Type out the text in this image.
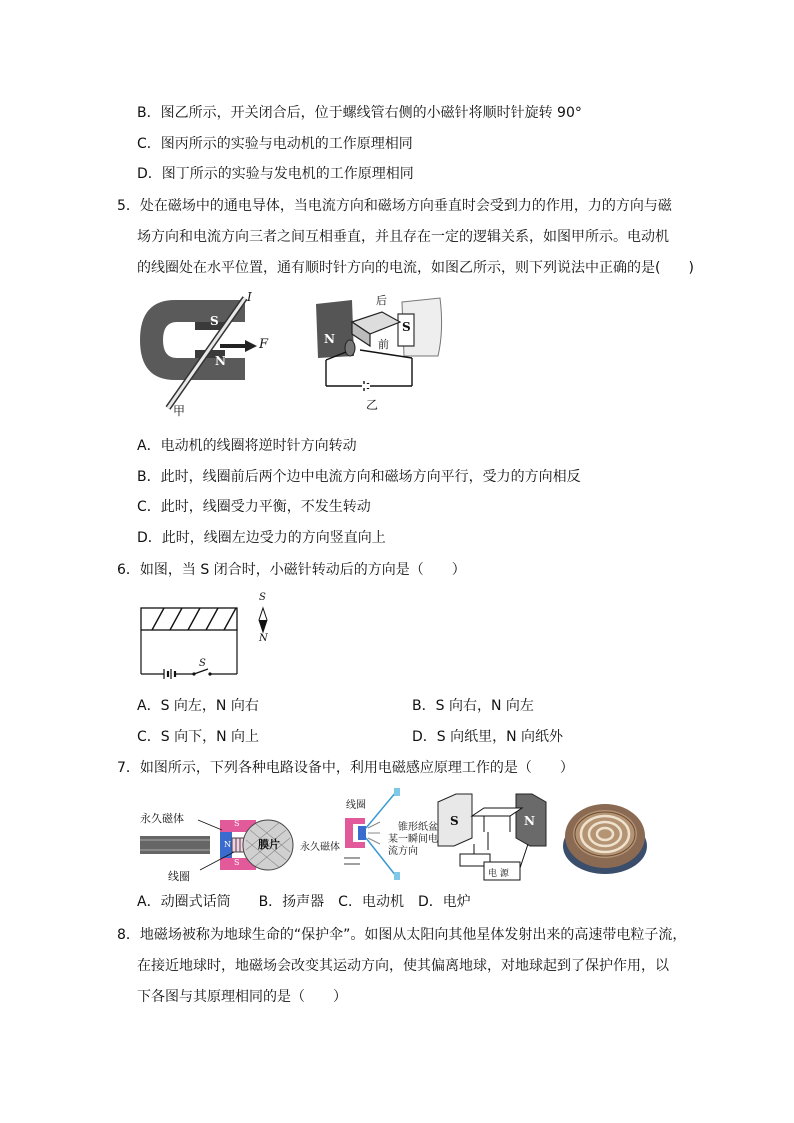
B．图乙所示，开关闭合后，位于螺线管右侧的小磁针将顺时针旋转 90°
C．图丙所示的实验与电动机的工作原理相同
D．图丁所示的实验与发电机的工作原理相同
5．处在磁场中的通电导体，当电流方向和磁场方向垂直时会受到力的作用，力的方向与磁
场方向和电流方向三者之间互相垂直，并且存在一定的逻辑关系，如图甲所示。电动机
的线圈处在水平位置，通有顺时针方向的电流，如图乙所示，则下列说法中正确的是(　　)
S
N
I
F
甲
N
S
后
前
乙
A．电动机的线圈将逆时针方向转动
B．此时，线圈前后两个边中电流方向和磁场方向平行，受力的方向相反
C．此时，线圈受力平衡，不发生转动
D．此时，线圈左边受力的方向竖直向上
6．如图，当 S 闭合时，小磁针转动后的方向是（　　）
S
N
S
A．S 向左，N 向右	B．S 向右，N 向左
C．S 向下，N 向上	D．S 向纸里，N 向纸外
7．如图所示，下列各种电路设备中，利用电磁感应原理工作的是（　　）
永久磁体
膜片
线圈
S
N
S
线圈
永久磁体
锥形纸盆
某一瞬间电流方向
S	N
电 源
A．动圈式话筒　　B．扬声器　C．电动机　D．电炉
8．地磁场被称为地球生命的“保护伞”。如图从太阳向其他星体发射出来的高速带电粒子流，
在接近地球时，地磁场会改变其运动方向，使其偏离地球，对地球起到了保护作用，以
下各图与其原理相同的是（　　）
